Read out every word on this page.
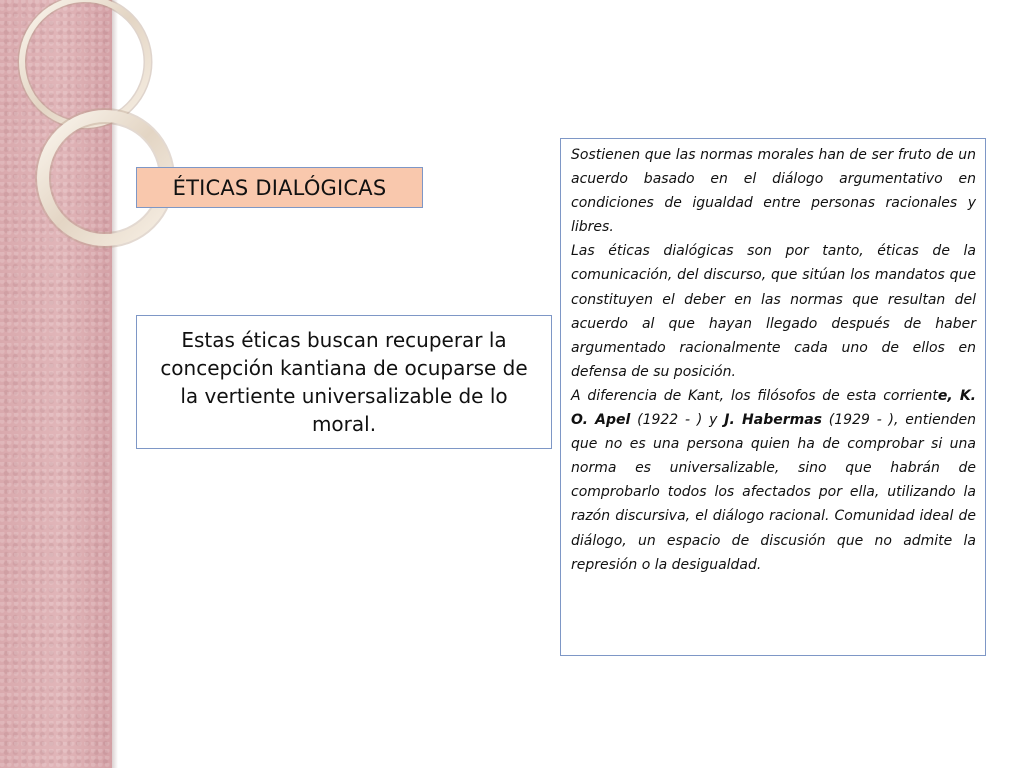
ÉTICAS DIALÓGICAS

Estas éticas buscan recuperar la concepción kantiana de ocuparse de la vertiente universalizable de lo moral.

Sostienen que las normas morales han de ser fruto de un acuerdo basado en el diálogo argumentativo en condiciones de igualdad entre personas racionales y libres.

Las éticas dialógicas son por tanto, éticas de la comunicación, del discurso, que sitúan los mandatos que constituyen el deber en las normas que resultan del acuerdo al que hayan llegado después de haber argumentado racionalmente cada uno de ellos en defensa de su posición.

A diferencia de Kant, los filósofos de esta corriente, K. O. Apel (1922 - ) y J. Habermas (1929 - ), entienden que no es una persona quien ha de comprobar si una norma es universalizable, sino que habrán de comprobarlo todos los afectados por ella, utilizando la razón discursiva, el diálogo racional. Comunidad ideal de diálogo, un espacio de discusión que no admite la represión o la desigualdad.
